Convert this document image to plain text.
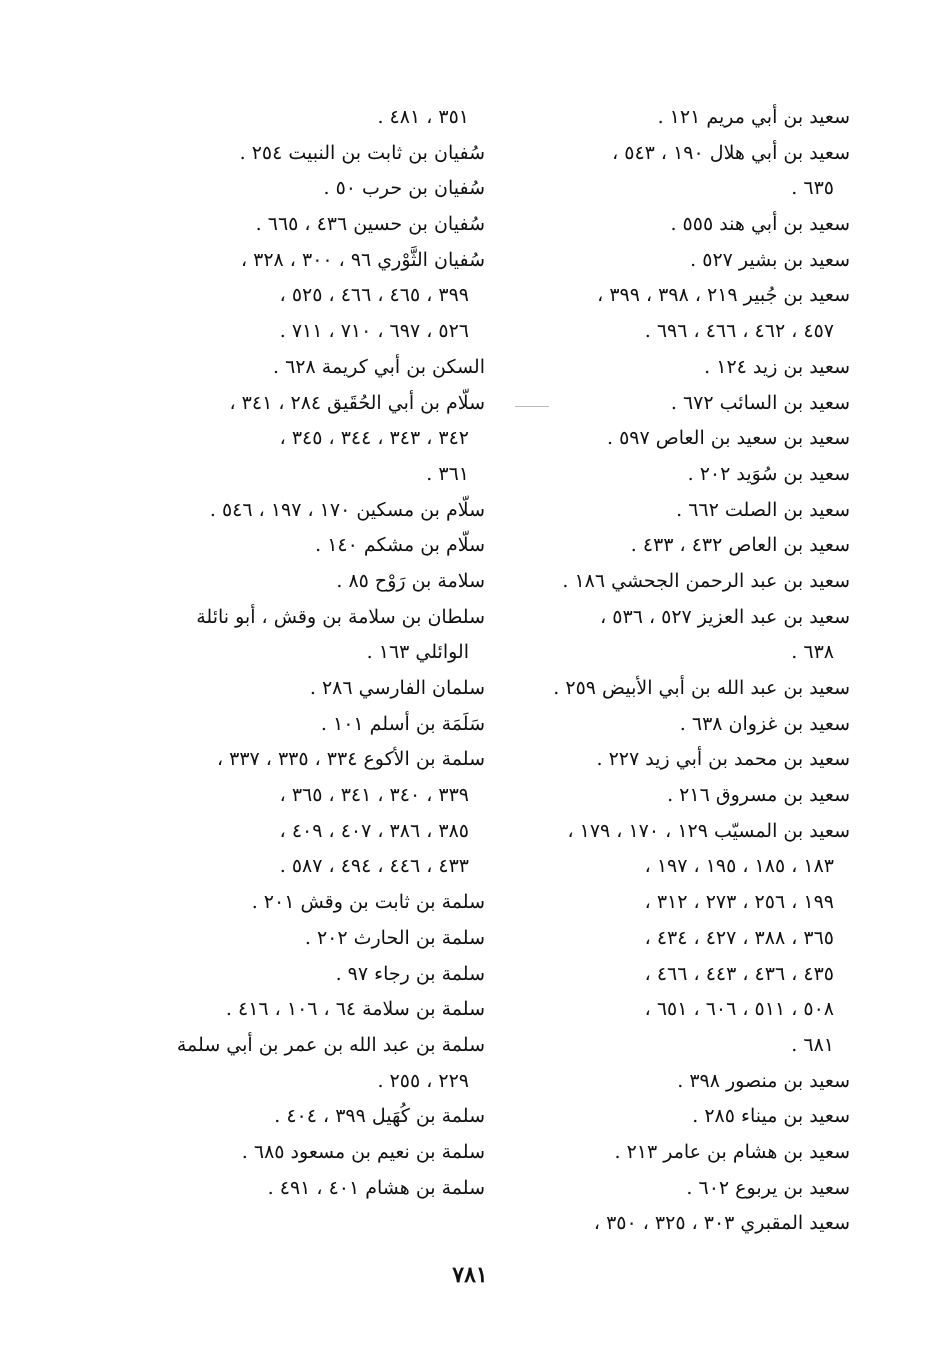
سعيد بن أبي مريم ١٢١ .
سعيد بن أبي هلال ١٩٠ ، ٥٤٣ ،
٦٣٥ .
سعيد بن أبي هند ٥٥٥ .
سعيد بن بشير ٥٢٧ .
سعيد بن جُبير ٢١٩ ، ٣٩٨ ، ٣٩٩ ،
٤٥٧ ، ٤٦٢ ، ٤٦٦ ، ٦٩٦ .
سعيد بن زيد ١٢٤ .
سعيد بن السائب ٦٧٢ .
سعيد بن سعيد بن العاص ٥٩٧ .
سعيد بن سُوَيد ٢٠٢ .
سعيد بن الصلت ٦٦٢ .
سعيد بن العاص ٤٣٢ ، ٤٣٣ .
سعيد بن عبد الرحمن الجحشي ١٨٦ .
سعيد بن عبد العزيز ٥٢٧ ، ٥٣٦ ،
٦٣٨ .
سعيد بن عبد الله بن أبي الأبيض ٢٥٩ .
سعيد بن غزوان ٦٣٨ .
سعيد بن محمد بن أبي زيد ٢٢٧ .
سعيد بن مسروق ٢١٦ .
سعيد بن المسيّب ١٢٩ ، ١٧٠ ، ١٧٩ ،
١٨٣ ، ١٨٥ ، ١٩٥ ، ١٩٧ ،
١٩٩ ، ٢٥٦ ، ٢٧٣ ، ٣١٢ ،
٣٦٥ ، ٣٨٨ ، ٤٢٧ ، ٤٣٤ ،
٤٣٥ ، ٤٣٦ ، ٤٤٣ ، ٤٦٦ ،
٥٠٨ ، ٥١١ ، ٦٠٦ ، ٦٥١ ،
٦٨١ .
سعيد بن منصور ٣٩٨ .
سعيد بن ميناء ٢٨٥ .
سعيد بن هشام بن عامر ٢١٣ .
سعيد بن يربوع ٦٠٢ .
سعيد المقبري ٣٠٣ ، ٣٢٥ ، ٣٥٠ ،
٣٥١ ، ٤٨١ .
سُفيان بن ثابت بن النبيت ٢٥٤ .
سُفيان بن حرب ٥٠ .
سُفيان بن حسين ٤٣٦ ، ٦٦٥ .
سُفيان الثَّوْري ٩٦ ، ٣٠٠ ، ٣٢٨ ،
٣٩٩ ، ٤٦٥ ، ٤٦٦ ، ٥٢٥ ،
٥٢٦ ، ٦٩٧ ، ٧١٠ ، ٧١١ .
السكن بن أبي كريمة ٦٢٨ .
سلّام بن أبي الحُقَيق ٢٨٤ ، ٣٤١ ،
٣٤٢ ، ٣٤٣ ، ٣٤٤ ، ٣٤٥ ،
٣٦١ .
سلّام بن مسكين ١٧٠ ، ١٩٧ ، ٥٤٦ .
سلّام بن مشكم ١٤٠ .
سلامة بن رَوْح ٨٥ .
سلطان بن سلامة بن وقش ، أبو نائلة
الوائلي ١٦٣ .
سلمان الفارسي ٢٨٦ .
سَلَمَة بن أسلم ١٠١ .
سلمة بن الأكوع ٣٣٤ ، ٣٣٥ ، ٣٣٧ ،
٣٣٩ ، ٣٤٠ ، ٣٤١ ، ٣٦٥ ،
٣٨٥ ، ٣٨٦ ، ٤٠٧ ، ٤٠٩ ،
٤٣٣ ، ٤٤٦ ، ٤٩٤ ، ٥٨٧ .
سلمة بن ثابت بن وقش ٢٠١ .
سلمة بن الحارث ٢٠٢ .
سلمة بن رجاء ٩٧ .
سلمة بن سلامة ٦٤ ، ١٠٦ ، ٤١٦ .
سلمة بن عبد الله بن عمر بن أبي سلمة
٢٢٩ ، ٢٥٥ .
سلمة بن كُهَيل ٣٩٩ ، ٤٠٤ .
سلمة بن نعيم بن مسعود ٦٨٥ .
سلمة بن هشام ٤٠١ ، ٤٩١ .
٧٨١
